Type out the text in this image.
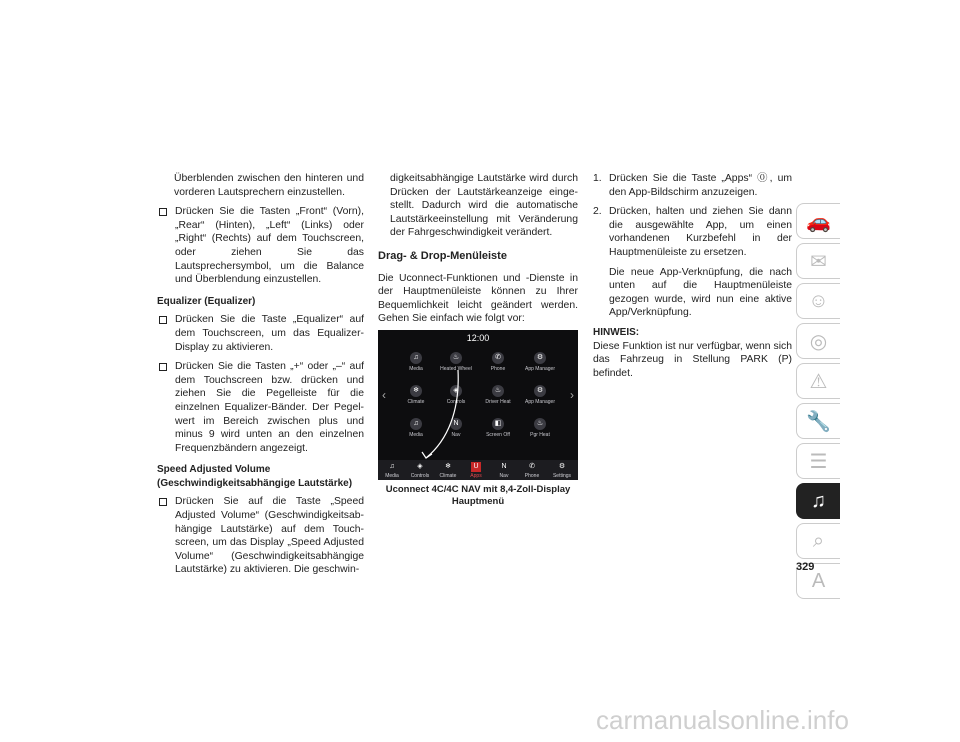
Überblenden zwischen den hinteren und vorderen Lautsprechern einzustellen.

Drücken Sie die Tasten „Front“ (Vorn), „Rear“ (Hinten), „Left“ (Links) oder „Right“ (Rechts) auf dem Touchscreen, oder ziehen Sie das Lautsprechersymbol, um die Balance und Überblendung einzustellen.
Equalizer (Equalizer)
Drücken Sie die Taste „Equalizer“ auf dem Touchscreen, um das Equalizer-Display zu aktivieren.
Drücken Sie die Tasten „+“ oder „–“ auf dem Touchscreen bzw. drücken und ziehen Sie die Pegelleiste für die einzelnen Equalizer-Bänder. Der Pegelwert im Bereich zwischen plus und minus 9 wird unten an den einzelnen Frequenzbändern angezeigt.
Speed Adjusted Volume (Geschwindigkeitsabhängige Lautstärke)
Drücken Sie auf die Taste „Speed Adjusted Volume“ (Geschwindigkeitsabhängige Lautstärke) auf dem Touchscreen, um das Display „Speed Adjusted Volume“ (Geschwindigkeitsabhängige Lautstärke) zu aktivieren. Die geschwin-

digkeitsabhängige Lautstärke wird durch Drücken der Lautstärkeanzeige eingestellt. Dadurch wird die automatische Lautstärkeeinstellung mit Veränderung der Fahrgeschwindigkeit verändert.

Drag- & Drop-Menüleiste

Die Uconnect-Funktionen und -Dienste in der Hauptmenüleiste können zu Ihrer Bequemlichkeit leicht geändert werden. Gehen Sie einfach wie folgt vor:

12:00
‹	›
♫
Media
♨
Heated Wheel
✆
Phone
⚙
App Manager
❄
Climate
◈
Controls
♨
Driver Heat
⚙
App Manager
♫
Media
N
Nav
◧
Screen Off
♨
Pgr Heat
♫
Media
◈
Controls
❄
Climate
U
Apps
N
Nav
✆
Phone
⚙
Settings
Uconnect 4C/4C NAV mit 8,4-Zoll-Display Hauptmenü
1. Drücken Sie die Taste „Apps“ ⓪, um den App-Bildschirm anzuzeigen.
2. Drücken, halten und ziehen Sie dann die ausgewählte App, um einen vorhandenen Kurzbefehl in der Hauptmenüleiste zu ersetzen.

Die neue App-Verknüpfung, die nach unten auf die Hauptmenüleiste gezogen wurde, wird nun eine aktive App/Verknüpfung.

HINWEIS:

Diese Funktion ist nur verfügbar, wenn sich das Fahrzeug in Stellung PARK (P) befindet.

🚗
✉
☺
◎
⚠
🔧
☰
♫
⌕
A
329
carmanualsonline.info
